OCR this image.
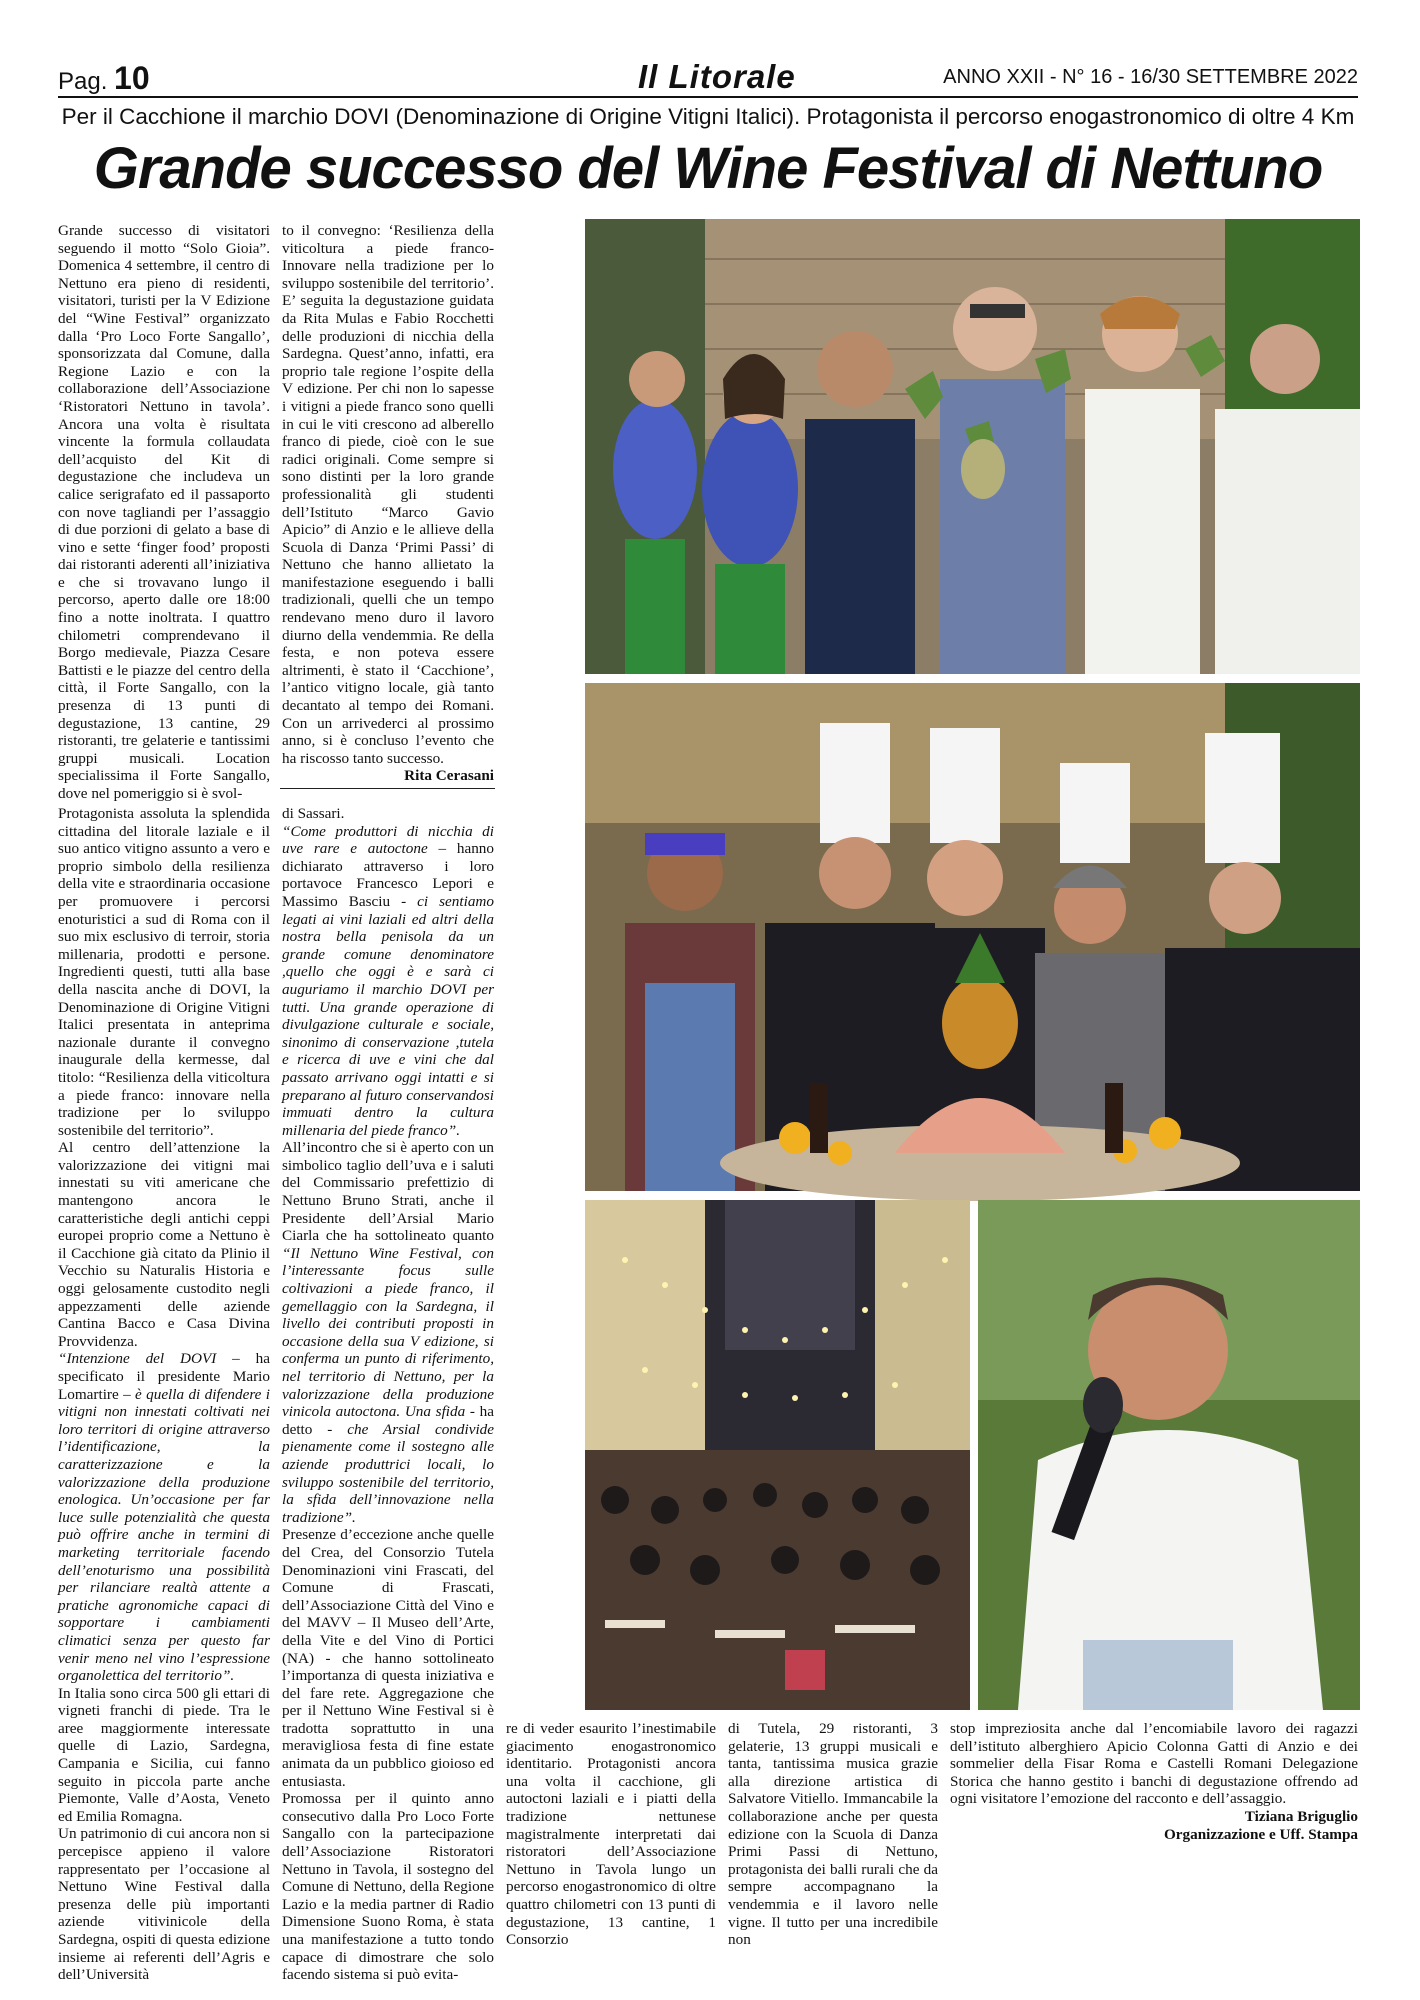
Pag. 10	Il Litorale	ANNO XXII - N° 16 - 16/30 SETTEMBRE 2022
Per il Cacchione il marchio DOVI (Denominazione di Origine Vitigni Italici). Protagonista il percorso enogastronomico di oltre 4 Km
Grande successo del Wine Festival di Nettuno

Grande successo di visitatori seguendo il motto “Solo Gioia”. Domenica 4 settembre, il centro di Nettuno era pieno di residenti, visitatori, turisti per la V Edizione del “Wine Festival” organizzato dalla ‘Pro Loco Forte Sangallo’, sponsorizzata dal Comune, dalla Regione Lazio e con la collaborazione dell’Associazione ‘Ristoratori Nettuno in tavola’. Ancora una volta è risultata vincente la formula collaudata dell’acquisto del Kit di degustazione che includeva un calice serigrafato ed il passaporto con nove tagliandi per l’assaggio di due porzioni di gelato a base di vino e sette ‘finger food’ proposti dai ristoranti aderenti all’iniziativa e che si trovavano lungo il percorso, aperto dalle ore 18:00 fino a notte inoltrata. I quattro chilometri comprendevano il Borgo medievale, Piazza Cesare Battisti e le piazze del centro della città, il Forte Sangallo, con la presenza di 13 punti di degustazione, 13 cantine, 29 ristoranti, tre gelaterie e tantissimi gruppi musicali. Location specialissima il Forte Sangallo, dove nel pomeriggio si è svol-

to il convegno: ‘Resilienza della viticoltura a piede franco- Innovare nella tradizione per lo sviluppo sostenibile del territorio’. E’ seguita la degustazione guidata da Rita Mulas e Fabio Rocchetti delle produzioni di nicchia della Sardegna. Quest’anno, infatti, era proprio tale regione l’ospite della V edizione. Per chi non lo sapesse i vitigni a piede franco sono quelli in cui le viti crescono ad alberello franco di piede, cioè con le sue radici originali. Come sempre si sono distinti per la loro grande professionalità gli studenti dell’Istituto “Marco Gavio Apicio” di Anzio e le allieve della Scuola di Danza ‘Primi Passi’ di Nettuno che hanno allietato la manifestazione eseguendo i balli tradizionali, quelli che un tempo rendevano meno duro il lavoro diurno della vendemmia. Re della festa, e non poteva essere altrimenti, è stato il ‘Cacchione’, l’antico vitigno locale, già tanto decantato al tempo dei Romani. Con un arrivederci al prossimo anno, si è concluso l’evento che ha riscosso tanto successo.

Rita Cerasani

Protagonista assoluta la splendida cittadina del litorale laziale e il suo antico vitigno assunto a vero e proprio simbolo della resilienza della vite e straordinaria occasione per promuovere i percorsi enoturistici a sud di Roma con il suo mix esclusivo di terroir, storia millenaria, prodotti e persone. Ingredienti questi, tutti alla base della nascita anche di DOVI, la Denominazione di Origine Vitigni Italici presentata in anteprima nazionale durante il convegno inaugurale della kermesse, dal titolo: “Resilienza della viticoltura a piede franco: innovare nella tradizione per lo sviluppo sostenibile del territorio”.

Al centro dell’attenzione la valorizzazione dei vitigni mai innestati su viti americane che mantengono ancora le caratteristiche degli antichi ceppi europei proprio come a Nettuno è il Cacchione già citato da Plinio il Vecchio su Naturalis Historia e oggi gelosamente custodito negli appezzamenti delle aziende Cantina Bacco e Casa Divina Provvidenza.

“Intenzione del DOVI – ha specificato il presidente Mario Lomartire – è quella di difendere i vitigni non innestati coltivati nei loro territori di origine attraverso l’identificazione, la caratterizzazione e la valorizzazione della produzione enologica. Un’occasione per far luce sulle potenzialità che questa può offrire anche in termini di marketing territoriale facendo dell’enoturismo una possibilità per rilanciare realtà attente a pratiche agronomiche capaci di sopportare i cambiamenti climatici senza per questo far venir meno nel vino l’espressione organolettica del territorio”.

In Italia sono circa 500 gli ettari di vigneti franchi di piede. Tra le aree maggiormente interessate quelle di Lazio, Sardegna, Campania e Sicilia, cui fanno seguito in piccola parte anche Piemonte, Valle d’Aosta, Veneto ed Emilia Romagna.

Un patrimonio di cui ancora non si percepisce appieno il valore rappresentato per l’occasione al Nettuno Wine Festival dalla presenza delle più importanti aziende vitivinicole della Sardegna, ospiti di questa edizione insieme ai referenti dell’Agris e dell’Università

di Sassari.

“Come produttori di nicchia di uve rare e autoctone – hanno dichiarato attraverso i loro portavoce Francesco Lepori e Massimo Basciu - ci sentiamo legati ai vini laziali ed altri della nostra bella penisola da un grande comune denominatore ,quello che oggi è e sarà ci auguriamo il marchio DOVI per tutti. Una grande operazione di divulgazione culturale e sociale, sinonimo di conservazione ,tutela e ricerca di uve e vini che dal passato arrivano oggi intatti e si preparano al futuro conservandosi immuati dentro la cultura millenaria del piede franco”.

All’incontro che si è aperto con un simbolico taglio dell’uva e i saluti del Commissario prefettizio di Nettuno Bruno Strati, anche il Presidente dell’Arsial Mario Ciarla che ha sottolineato quanto “Il Nettuno Wine Festival, con l’interessante focus sulle coltivazioni a piede franco, il gemellaggio con la Sardegna, il livello dei contributi proposti in occasione della sua V edizione, si conferma un punto di riferimento, nel territorio di Nettuno, per la valorizzazione della produzione vinicola autoctona. Una sfida - ha detto - che Arsial condivide pienamente come il sostegno alle aziende produttrici locali, lo sviluppo sostenibile del territorio, la sfida dell’innovazione nella tradizione”.

Presenze d’eccezione anche quelle del Crea, del Consorzio Tutela Denominazioni vini Frascati, del Comune di Frascati, dell’Associazione Città del Vino e del MAVV – Il Museo dell’Arte, della Vite e del Vino di Portici (NA) - che hanno sottolineato l’importanza di questa iniziativa e del fare rete. Aggregazione che per il Nettuno Wine Festival si è tradotta soprattutto in una meravigliosa festa di fine estate animata da un pubblico gioioso ed entusiasta.

Promossa per il quinto anno consecutivo dalla Pro Loco Forte Sangallo con la partecipazione dell’Associazione Ristoratori Nettuno in Tavola, il sostegno del Comune di Nettuno, della Regione Lazio e la media partner di Radio Dimensione Suono Roma, è stata una manifestazione a tutto tondo capace di dimostrare che solo facendo sistema si può evita-

re di veder esaurito l’inestimabile giacimento enogastronomico identitario. Protagonisti ancora una volta il cacchione, gli autoctoni laziali e i piatti della tradizione nettunese magistralmente interpretati dai ristoratori dell’Associazione Nettuno in Tavola lungo un percorso enogastronomico di oltre quattro chilometri con 13 punti di degustazione, 13 cantine, 1 Consorzio

di Tutela, 29 ristoranti, 3 gelaterie, 13 gruppi musicali e tanta, tantissima musica grazie alla direzione artistica di Salvatore Vitiello. Immancabile la collaborazione anche per questa edizione con la Scuola di Danza Primi Passi di Nettuno, protagonista dei balli rurali che da sempre accompagnano la vendemmia e il lavoro nelle vigne. Il tutto per una incredibile non

stop impreziosita anche dal l’encomiabile lavoro dei ragazzi dell’istituto alberghiero Apicio Colonna Gatti di Anzio e dei sommelier della Fisar Roma e Castelli Romani Delegazione Storica che hanno gestito i banchi di degustazione offrendo ad ogni visitatore l’emozione del racconto e dell’assaggio.

Tiziana Briguglio

Organizzazione e Uff. Stampa
